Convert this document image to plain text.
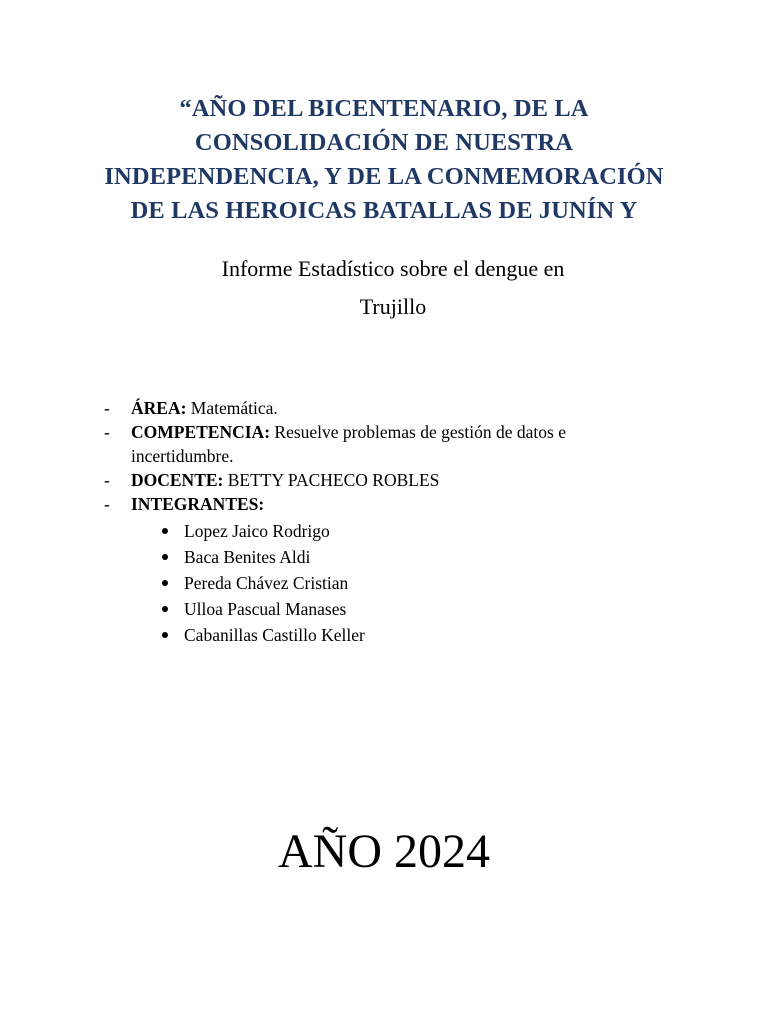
“AÑO DEL BICENTENARIO, DE LA
CONSOLIDACIÓN DE NUESTRA
INDEPENDENCIA, Y DE LA CONMEMORACIÓN
DE LAS HEROICAS BATALLAS DE JUNÍN Y
Informe Estadístico sobre el dengue en
Trujillo
- ÁREA: Matemática.
- COMPETENCIA: Resuelve problemas de gestión de datos e incertidumbre.
- DOCENTE: BETTY PACHECO ROBLES
- INTEGRANTES:
Lopez Jaico Rodrigo
Baca Benites Aldi
Pereda Chávez Cristian
Ulloa Pascual Manases
Cabanillas Castillo Keller
AÑO 2024
